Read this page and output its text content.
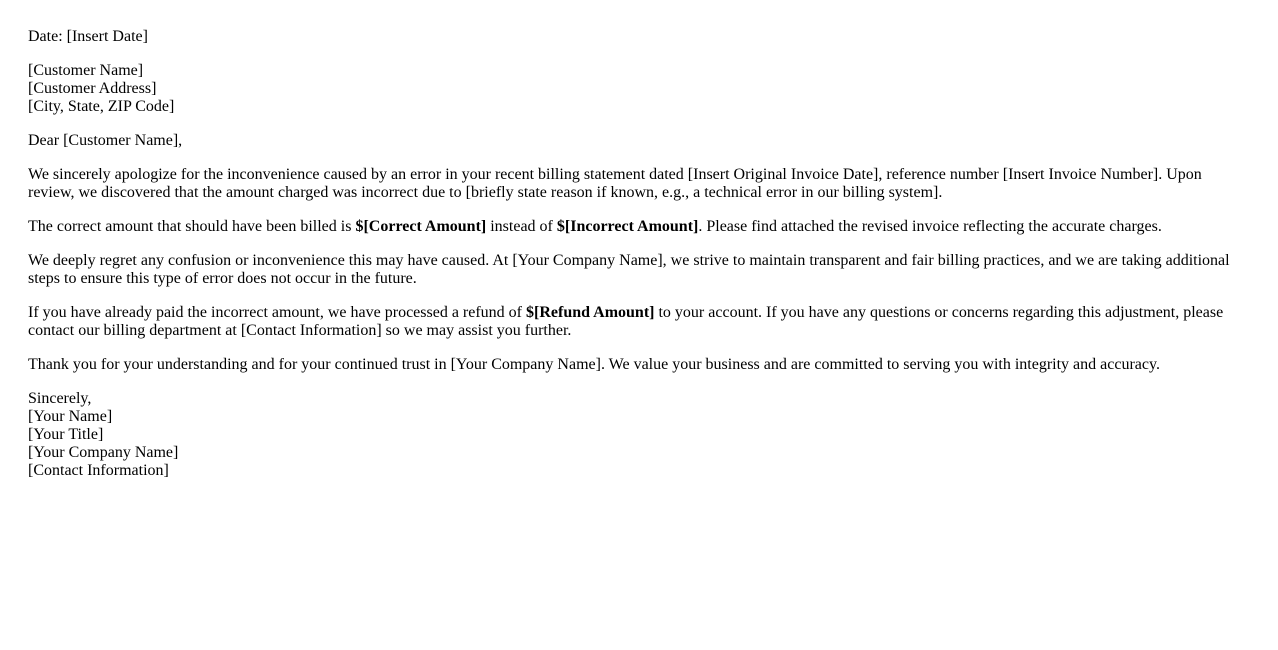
Date: [Insert Date]
[Customer Name]
[Customer Address]
[City, State, ZIP Code]
Dear [Customer Name],
We sincerely apologize for the inconvenience caused by an error in your recent billing statement dated [Insert Original Invoice Date], reference number [Insert Invoice Number]. Upon review, we discovered that the amount charged was incorrect due to [briefly state reason if known, e.g., a technical error in our billing system].
The correct amount that should have been billed is $[Correct Amount] instead of $[Incorrect Amount]. Please find attached the revised invoice reflecting the accurate charges.
We deeply regret any confusion or inconvenience this may have caused. At [Your Company Name], we strive to maintain transparent and fair billing practices, and we are taking additional steps to ensure this type of error does not occur in the future.
If you have already paid the incorrect amount, we have processed a refund of $[Refund Amount] to your account. If you have any questions or concerns regarding this adjustment, please contact our billing department at [Contact Information] so we may assist you further.
Thank you for your understanding and for your continued trust in [Your Company Name]. We value your business and are committed to serving you with integrity and accuracy.
Sincerely,
[Your Name]
[Your Title]
[Your Company Name]
[Contact Information]
